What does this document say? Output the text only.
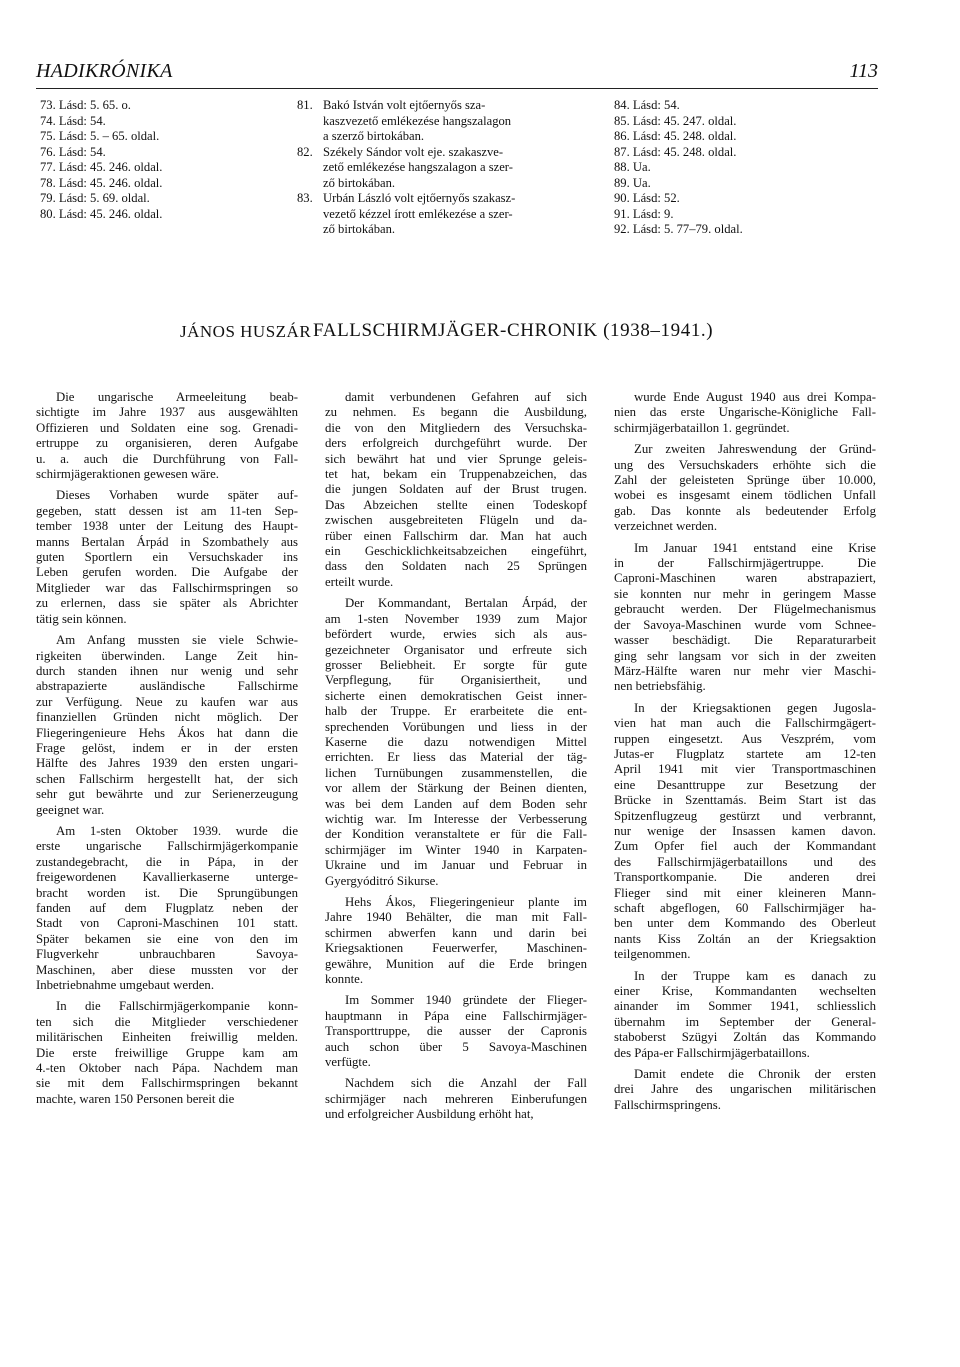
HADIKRÓNIKA	113
73. Lásd: 5. 65. o.
74. Lásd: 54.
75. Lásd: 5. – 65. oldal.
76. Lásd: 54.
77. Lásd: 45. 246. oldal.
78. Lásd: 45. 246. oldal.
79. Lásd: 5. 69. oldal.
80. Lásd: 45. 246. oldal.
81. Bakó István volt ejtőernyős sza-
kaszvezető emlékezése hangszalagon
a szerző birtokában.
82. Székely Sándor volt eje. szakaszve-
zető emlékezése hangszalagon a szer-
ző birtokában.
83. Urbán László volt ejtőernyős szakasz-
vezető kézzel írott emlékezése a szer-
ző birtokában.
84. Lásd: 54.
85. Lásd: 45. 247. oldal.
86. Lásd: 45. 248. oldal.
87. Lásd: 45. 248. oldal.
88. Ua.
89. Ua.
90. Lásd: 52.
91. Lásd: 9.
92. Lásd: 5. 77–79. oldal.
JÁNOS HUSZÁR FALLSCHIRMJÄGER-CHRONIK (1938–1941.)

Die ungarische Armeeleitung beab-
sichtigte im Jahre 1937 aus ausgewählten
Offizieren und Soldaten eine sog. Grenadi-
ertruppe zu organisieren, deren Aufgabe
u. a. auch die Durchführung von Fall-
schirmjägeraktionen gewesen wäre.

Dieses Vorhaben wurde später auf-
gegeben, statt dessen ist am 11-ten Sep-
tember 1938 unter der Leitung des Haupt-
manns Bertalan Árpád in Szombathely aus
guten Sportlern ein Versuchskader ins
Leben gerufen worden. Die Aufgabe der
Mitglieder war das Fallschirmspringen so
zu erlernen, dass sie später als Abrichter
tätig sein können.

Am Anfang mussten sie viele Schwie-
rigkeiten überwinden. Lange Zeit hin-
durch standen ihnen nur wenig und sehr
abstrapazierte ausländische Fallschirme
zur Verfügung. Neue zu kaufen war aus
finanziellen Gründen nicht möglich. Der
Fliegeringenieure Hehs Ákos hat dann die
Frage gelöst, indem er in der ersten
Hälfte des Jahres 1939 den ersten ungari-
schen Fallschirm hergestellt hat, der sich
sehr gut bewährte und zur Serienerzeugung
geeignet war.

Am 1-sten Oktober 1939. wurde die
erste ungarische Fallschirmjägerkompanie
zustandegebracht, die in Pápa, in der
freigewordenen Kavallierkaserne unterge-
bracht worden ist. Die Sprungübungen
fanden auf dem Flugplatz neben der
Stadt von Caproni-Maschinen 101 statt.
Später bekamen sie eine von den im
Flugverkehr unbrauchbaren Savoya-
Maschinen, aber diese mussten vor der
Inbetriebnahme umgebaut werden.

In die Fallschirmjägerkompanie konn-
ten sich die Mitglieder verschiedener
militärischen Einheiten freiwillig melden.
Die erste freiwillige Gruppe kam am
4.-ten Oktober nach Pápa. Nachdem man
sie mit dem Fallschirmspringen bekannt
machte, waren 150 Personen bereit die

damit verbundenen Gefahren auf sich
zu nehmen. Es begann die Ausbildung,
die von den Mitgliedern des Versuchska-
ders erfolgreich durchgeführt wurde. Der
sich bewährt hat und vier Sprunge geleis-
tet hat, bekam ein Truppenabzeichen, das
die jungen Soldaten auf der Brust trugen.
Das Abzeichen stellte einen Todeskopf
zwischen ausgebreiteten Flügeln und da-
rüber einen Fallschirm dar. Man hat auch
ein Geschicklichkeitsabzeichen eingeführt,
dass den Soldaten nach 25 Sprüngen
erteilt wurde.

Der Kommandant, Bertalan Árpád, der
am 1-sten November 1939 zum Major
befördert wurde, erwies sich als aus-
gezeichneter Organisator und erfreute sich
grosser Beliebheit. Er sorgte für gute
Verpflegung, für Organisiertheit, und
sicherte einen demokratischen Geist inner-
halb der Truppe. Er erarbeitete die ent-
sprechenden Vorübungen und liess in der
Kaserne die dazu notwendigen Mittel
errichten. Er liess das Material der täg-
lichen Turnübungen zusammenstellen, die
vor allem der Stärkung der Beinen dienten,
was bei dem Landen auf dem Boden sehr
wichtig war. Im Interesse der Verbesserung
der Kondition veranstaltete er für die Fall-
schirmjäger im Winter 1940 in Karpaten-
Ukraine und im Januar und Februar in
Gyergyóditró Sikurse.

Hehs Ákos, Fliegeringenieur plante im
Jahre 1940 Behälter, die man mit Fall-
schirmen abwerfen kann und darin bei
Kriegsaktionen Feuerwerfer, Maschinen-
gewähre, Munition auf die Erde bringen
konnte.

Im Sommer 1940 gründete der Flieger-
hauptmann in Pápa eine Fallschirmjäger-
Transporttruppe, die ausser der Capronis
auch schon über 5 Savoya-Maschinen
verfügte.

Nachdem sich die Anzahl der Fall
schirmjäger nach mehreren Einberufungen
und erfolgreicher Ausbildung erhöht hat,

wurde Ende August 1940 aus drei Kompa-
nien das erste Ungarische-Königliche Fall-
schirmjägerbataillon 1. gegründet.

Zur zweiten Jahreswendung der Gründ-
ung des Versuchskaders erhöhte sich die
Zahl der geleisteten Sprünge über 10.000,
wobei es insgesamt einem tödlichen Unfall
gab. Das konnte als bedeutender Erfolg
verzeichnet werden.

Im Januar 1941 entstand eine Krise
in der Fallschirmjägertruppe. Die
Caproni-Maschinen waren abstrapaziert,
sie konnten nur mehr in geringem Masse
gebraucht werden. Der Flügelmechanismus
der Savoya-Maschinen wurde vom Schnee-
wasser beschädigt. Die Reparaturarbeit
ging sehr langsam vor sich in der zweiten
März-Hälfte waren nur mehr vier Maschi-
nen betriebsfähig.

In der Kriegsaktionen gegen Jugosla-
vien hat man auch die Fallschirmgägert-
ruppen eingesetzt. Aus Veszprém, vom
Jutas-er Flugplatz startete am 12-ten
April 1941 mit vier Transportmaschinen
eine Desanttruppe zur Besetzung der
Brücke in Szenttamás. Beim Start ist das
Spitzenflugzeug gestürzt und verbrannt,
nur wenige der Insassen kamen davon.
Zum Opfer fiel auch der Kommandant
des Fallschirmjägerbataillons und des
Transportkompanie. Die anderen drei
Flieger sind mit einer kleineren Mann-
schaft abgeflogen, 60 Fallschirmjäger ha-
ben unter dem Kommando des Oberleut
nants Kiss Zoltán an der Kriegsaktion
teilgenommen.

In der Truppe kam es danach zu
einer Krise, Kommandanten wechselten
ainander im Sommer 1941, schliesslich
übernahm im September der General-
staboberst Szügyi Zoltán das Kommando
des Pápa-er Fallschirmjägerbataillons.

Damit endete die Chronik der ersten
drei Jahre des ungarischen militärischen
Fallschirmspringens.
